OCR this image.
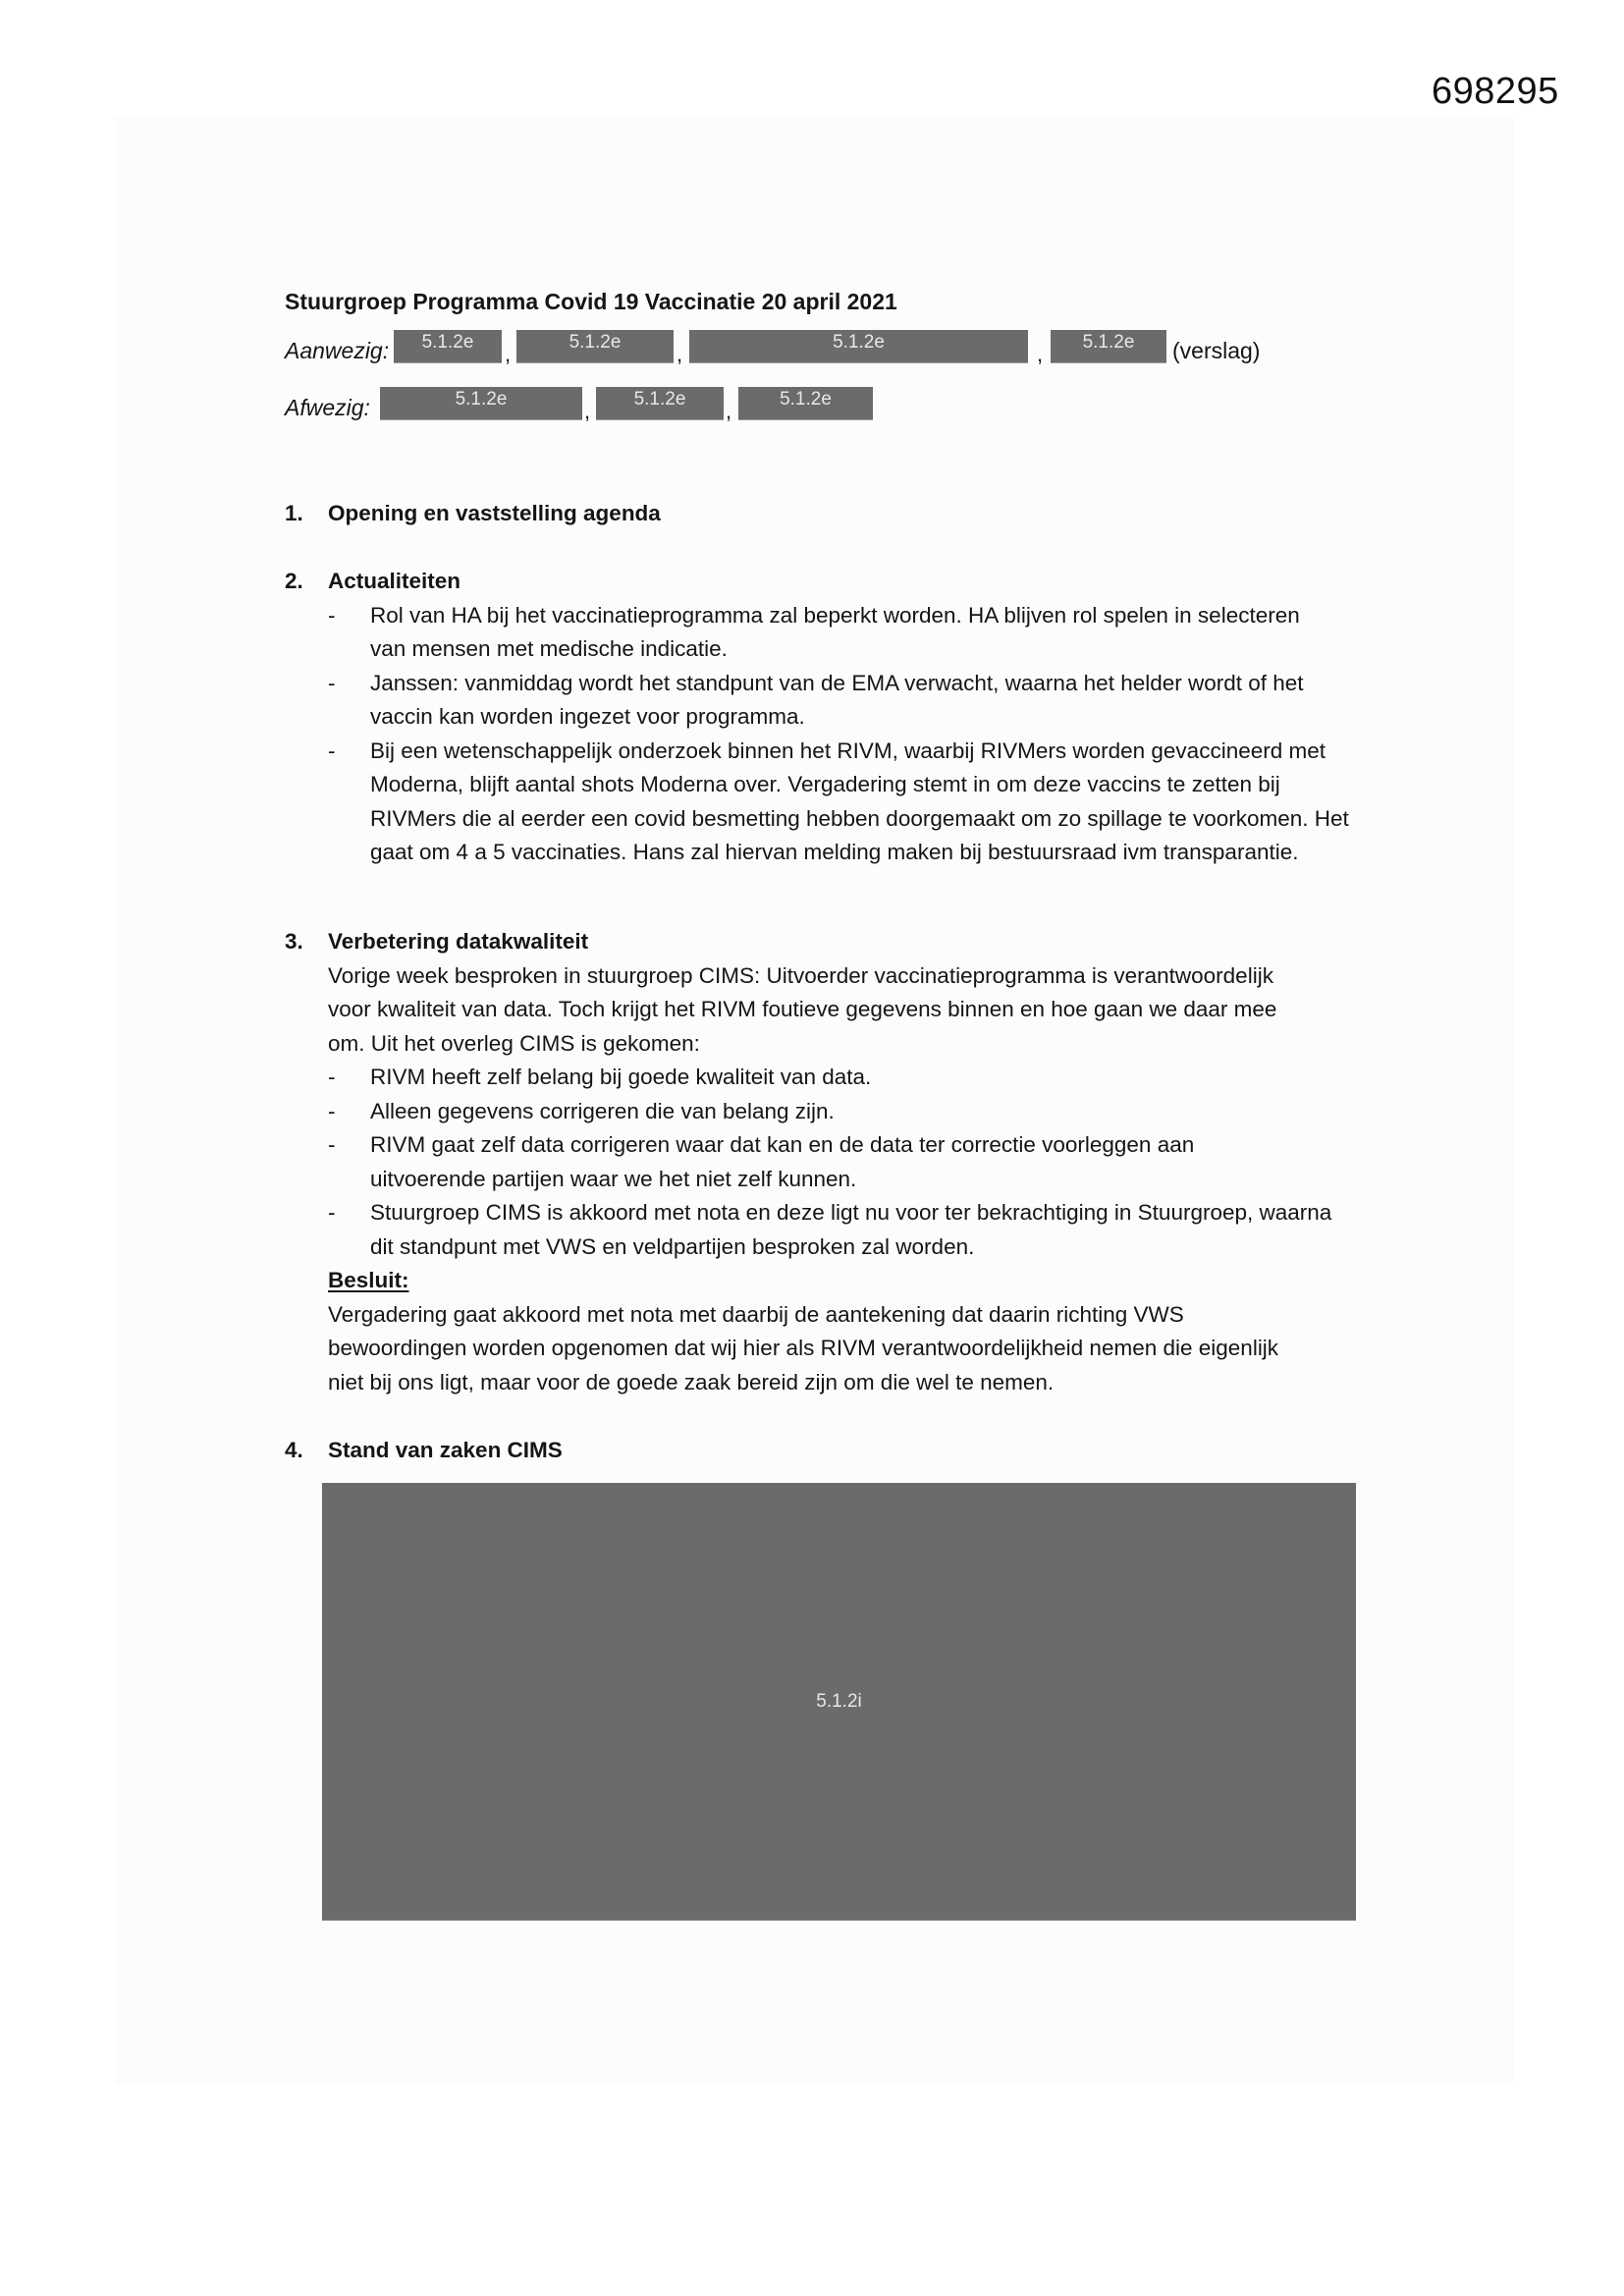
698295
Stuurgroep Programma Covid 19 Vaccinatie 20 april 2021
Aanwezig:	5.1.2e	,	5.1.2e	,	5.1.2e	,	5.1.2e	(verslag)
Afwezig:	5.1.2e	,	5.1.2e	,	5.1.2e
1. Opening en vaststelling agenda
2. Actualiteiten
- Rol van HA bij het vaccinatieprogramma zal beperkt worden. HA blijven rol spelen in selecteren van mensen met medische indicatie.
- Janssen: vanmiddag wordt het standpunt van de EMA verwacht, waarna het helder wordt of het vaccin kan worden ingezet voor programma.
- Bij een wetenschappelijk onderzoek binnen het RIVM, waarbij RIVMers worden gevaccineerd met Moderna, blijft aantal shots Moderna over. Vergadering stemt in om deze vaccins te zetten bij RIVMers die al eerder een covid besmetting hebben doorgemaakt om zo spillage te voorkomen. Het gaat om 4 a 5 vaccinaties. Hans zal hiervan melding maken bij bestuursraad ivm transparantie.
3. Verbetering datakwaliteit
Vorige week besproken in stuurgroep CIMS: Uitvoerder vaccinatieprogramma is verantwoordelijk voor kwaliteit van data. Toch krijgt het RIVM foutieve gegevens binnen en hoe gaan we daar mee om. Uit het overleg CIMS is gekomen:
- RIVM heeft zelf belang bij goede kwaliteit van data.
- Alleen gegevens corrigeren die van belang zijn.
- RIVM gaat zelf data corrigeren waar dat kan en de data ter correctie voorleggen aan uitvoerende partijen waar we het niet zelf kunnen.
- Stuurgroep CIMS is akkoord met nota en deze ligt nu voor ter bekrachtiging in Stuurgroep, waarna dit standpunt met VWS en veldpartijen besproken zal worden.
Besluit:
Vergadering gaat akkoord met nota met daarbij de aantekening dat daarin richting VWS bewoordingen worden opgenomen dat wij hier als RIVM verantwoordelijkheid nemen die eigenlijk niet bij ons ligt, maar voor de goede zaak bereid zijn om die wel te nemen.
4. Stand van zaken CIMS
5.1.2i
